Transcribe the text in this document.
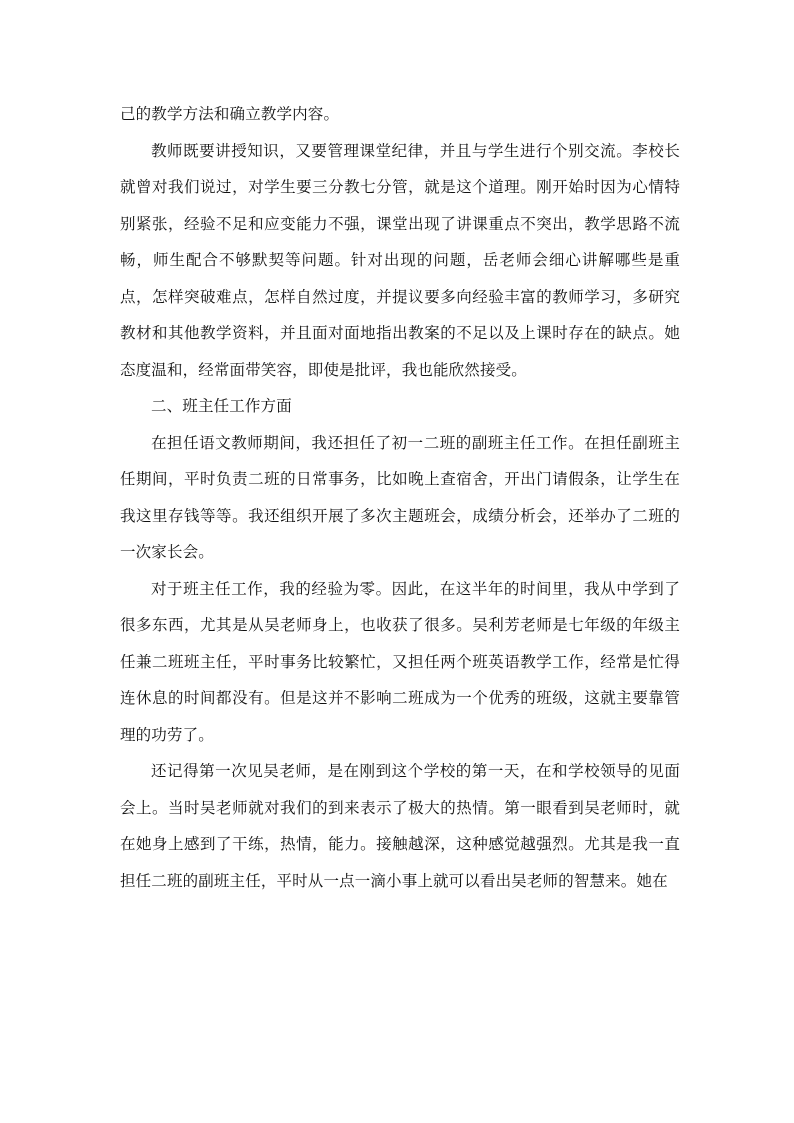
己的教学方法和确立教学内容。

教师既要讲授知识，又要管理课堂纪律，并且与学生进行个别交流。李校长就曾对我们说过，对学生要三分教七分管，就是这个道理。刚开始时因为心情特别紧张，经验不足和应变能力不强，课堂出现了讲课重点不突出，教学思路不流畅，师生配合不够默契等问题。针对出现的问题，岳老师会细心讲解哪些是重点，怎样突破难点，怎样自然过度，并提议要多向经验丰富的教师学习，多研究教材和其他教学资料，并且面对面地指出教案的不足以及上课时存在的缺点。她态度温和，经常面带笑容，即使是批评，我也能欣然接受。

二、班主任工作方面

在担任语文教师期间，我还担任了初一二班的副班主任工作。在担任副班主任期间，平时负责二班的日常事务，比如晚上查宿舍，开出门请假条，让学生在我这里存钱等等。我还组织开展了多次主题班会，成绩分析会，还举办了二班的一次家长会。

对于班主任工作，我的经验为零。因此，在这半年的时间里，我从中学到了很多东西，尤其是从吴老师身上，也收获了很多。吴利芳老师是七年级的年级主任兼二班班主任，平时事务比较繁忙，又担任两个班英语教学工作，经常是忙得连休息的时间都没有。但是这并不影响二班成为一个优秀的班级，这就主要靠管理的功劳了。

还记得第一次见吴老师，是在刚到这个学校的第一天，在和学校领导的见面会上。当时吴老师就对我们的到来表示了极大的热情。第一眼看到吴老师时，就在她身上感到了干练，热情，能力。接触越深，这种感觉越强烈。尤其是我一直担任二班的副班主任，平时从一点一滴小事上就可以看出吴老师的智慧来。她在
